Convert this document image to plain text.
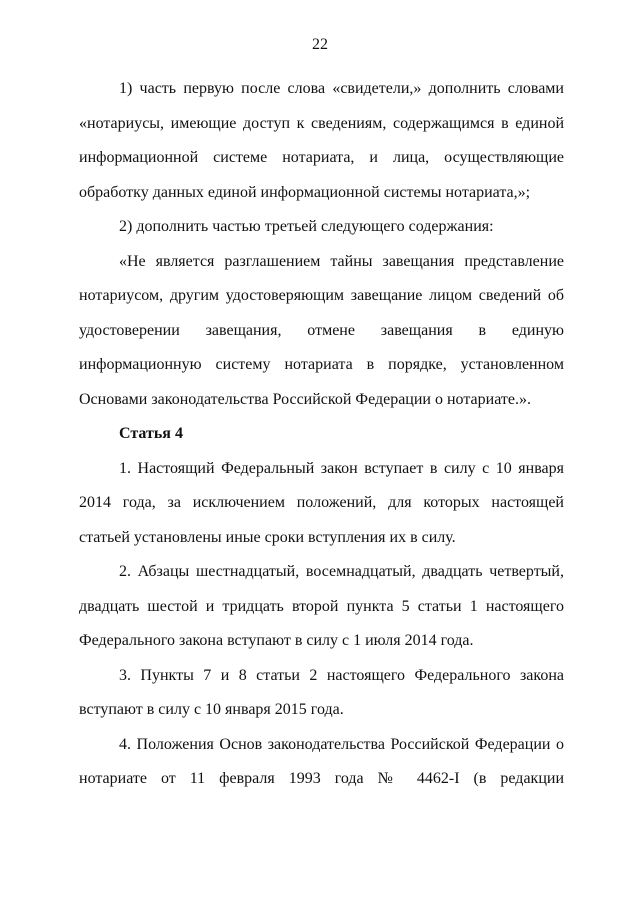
22

1) часть первую после слова «свидетели,» дополнить словами «нотариусы, имеющие доступ к сведениям, содержащимся в единой информационной системе нотариата, и лица, осуществляющие обработку данных единой информационной системы нотариата,»;

2) дополнить частью третьей следующего содержания:

«Не является разглашением тайны завещания представление нотариусом, другим удостоверяющим завещание лицом сведений об удостоверении завещания, отмене завещания в единую информационную систему нотариата в порядке, установленном Основами законодательства Российской Федерации о нотариате.».

Статья 4

1. Настоящий Федеральный закон вступает в силу с 10 января 2014 года, за исключением положений, для которых настоящей статьей установлены иные сроки вступления их в силу.

2. Абзацы шестнадцатый, восемнадцатый, двадцать четвертый, двадцать шестой и тридцать второй пункта 5 статьи 1 настоящего Федерального закона вступают в силу с 1 июля 2014 года.

3. Пункты 7 и 8 статьи 2 настоящего Федерального закона вступают в силу с 10 января 2015 года.

4. Положения Основ законодательства Российской Федерации о нотариате от 11 февраля 1993 года № 4462-I (в редакции
